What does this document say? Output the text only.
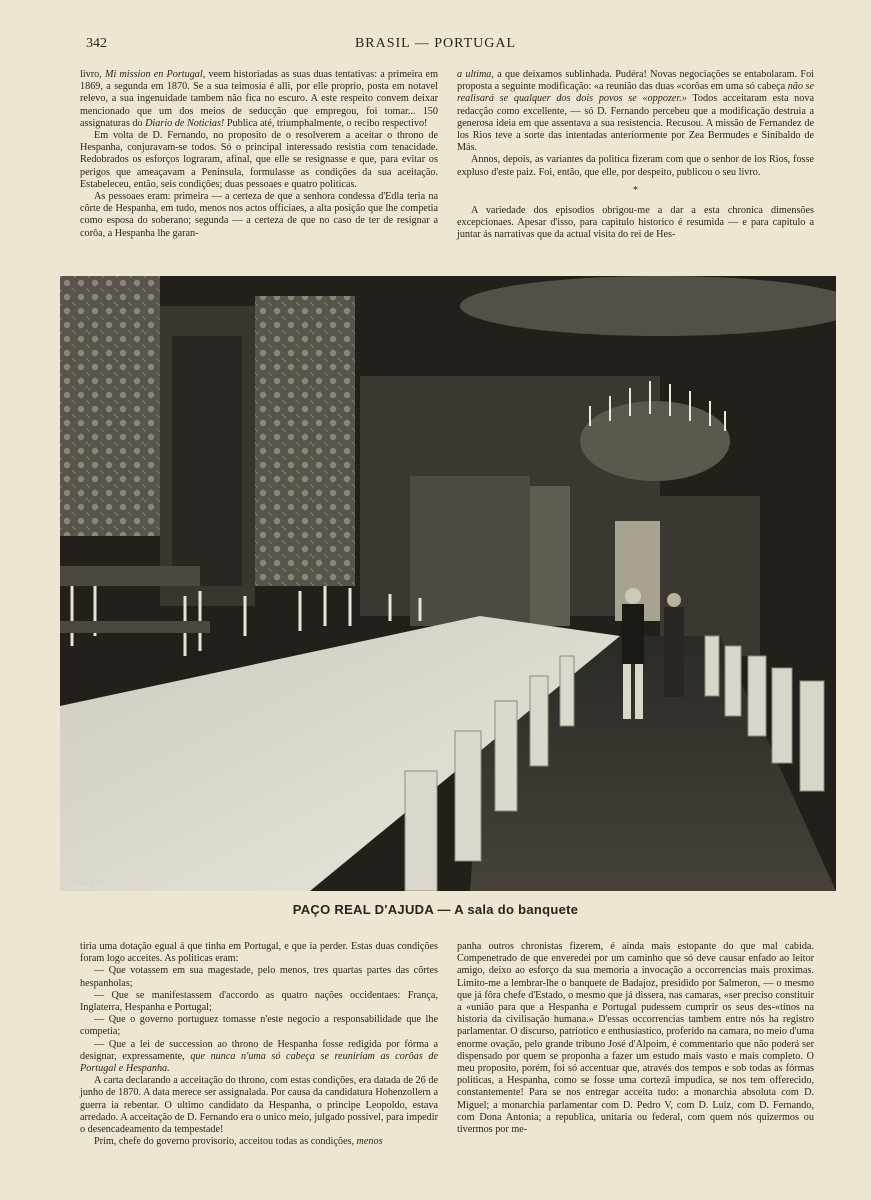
342	BRASIL — PORTUGAL

livro, Mi mission en Portugal, veem historiadas as suas duas tentativas: a primeira em 1869, a segunda em 1870. Se a sua teimosia é alli, por elle proprio, posta em notavel relevo, a sua ingenuidade tambem não fica no escuro. A este respeito convem deixar mencionado que um dos meios de seducção que empregou, foi tomar... 150 assignaturas do Diario de Noticias! Publica até, triumphalmente, o recibo respectivo!

Em volta de D. Fernando, no proposito de o resolverem a aceitar o throno de Hespanha, conjuravam-se todos. Só o principal interessado resistia com tenacidade. Redobrados os esforços lograram, afinal, que elle se resignasse e que, para evitar os perigos que ameaçavam a Peninsula, formulasse as condições da sua aceitação. Estabeleceu, então, seis condições; duas pessoaes e quatro politicas.

As pessoaes eram: primeira — a certeza de que a senhora condessa d'Edla teria na côrte de Hespanha, em tudo, menos nos actos officiaes, a alta posição que lhe competia como esposa do soberano; segunda — a certeza de que no caso de ter de resignar a corôa, a Hespanha lhe garan-

a ultima, a que deixamos sublinhada. Pudéra! Novas negociações se entabolaram. Foi proposta a seguinte modificação: «a reunião das duas «corôas em uma só cabeça não se realisará se qualquer dos dois povos se «oppozer.» Todos acceitaram esta nova redacção como excellente, — só D. Fernando percebeu que a modificação destruia a generosa ideia em que assentava a sua resistencia. Recusou. A missão de Fernandez de los Rios teve a sorte das intentadas anteriormente por Zea Bermudes e Sinibaldo de Más.

Annos, depois, as variantes da politica fizeram com que o senhor de los Rios, fosse expluso d'este paiz. Foi, então, que elle, por despeito, publicou o seu livro.

*

A variedade dos episodios obrigou-me a dar a esta chronica dimensões excepcionaes. Apesar d'isso, para capitulo historico é resumida — e para capitulo a juntar ás narrativas que da actual visita do rei de Hes-

P. Marq. 911
PAÇO REAL D'AJUDA — A sala do banquete

tiria uma dotação egual á que tinha em Portugal, e que ia perder. Estas duas condições foram logo acceites. As politicas eram:

— Que votassem em sua magestade, pelo menos, tres quartas partes das côrtes hespanholas;

— Que se manifestassem d'accordo as quatro nações occidentaes: França, Inglaterra, Hespanha e Portugal;

— Que o governo portuguez tomasse n'este negocio a responsabilidade que lhe competia;

— Que a lei de succession ao throno de Hespanha fosse redigida por fórma a designar, expressamente, que nunca n'uma só cabeça se reuniriam as corôas de Portugal e Hespanha.

A carta declarando a acceitação do throno, com estas condições, era datada de 26 de junho de 1870. A data merece ser assignalada. Por causa da candidatura Hohenzollern a guerra ia rebentar. O ultimo candidato da Hespanha, o principe Leopoldo, estava arredado. A acceitação de D. Fernando era o unico meio, julgado possivel, para impedir o desencadeamento da tempestade!

Prim, chefe do governo provisorio, acceitou todas as condições, menos

panha outros chronistas fizerem, é ainda mais estopante do que mal cabida. Compenetrado de que enveredei por um caminho que só deve causar enfado ao leitor amigo, deixo ao esforço da sua memoria a invocação a occorrencias mais proximas. Limito-me a lembrar-lhe o banquete de Badajoz, presidido por Salmeron, — o mesmo que já fôra chefe d'Estado, o mesmo que já dissera, nas camaras, «ser preciso constituir a «união para que a Hespanha e Portugal pudessem cumprir os seus des-«tinos na historia da civilisação humana.» D'essas occorrencias tambem entre nós ha registro parlamentar. O discurso, patriotico e enthusiastico, proferido na camara, no meio d'uma enorme ovação, pelo grande tribuno José d'Alpoim, é commentario que não poderá ser dispensado por quem se proponha a fazer um estudo mais vasto e mais completo. O meu proposito, porém, foi só accentuar que, através dos tempos e sob todas as fórmas politicas, a Hespanha, como se fosse uma corteză impudica, se nos tem offerecido, constantemente! Para se nos entregar acceita tudo: a monarchia absoluta com D. Miguel; a monarchia parlamentar com D. Pedro V, com D. Luiz, com D. Fernando, com Dona Antonia; a republica, unitaria ou federal, com quem nós quizermos ou tivermos por me-
